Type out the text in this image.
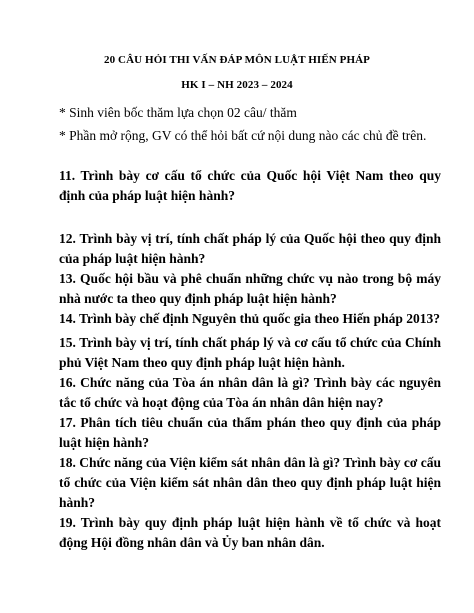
20 CÂU HỎI THI VẤN ĐÁP MÔN LUẬT HIẾN PHÁP
HK I – NH 2023 – 2024
* Sinh viên bốc thăm lựa chọn 02 câu/ thăm
* Phần mở rộng, GV có thể hỏi bất cứ nội dung nào các chủ đề trên.
11. Trình bày cơ cấu tổ chức của Quốc hội Việt Nam theo quy định của pháp luật hiện hành?
12. Trình bày vị trí, tính chất pháp lý của Quốc hội theo quy định của pháp luật hiện hành?
13. Quốc hội bầu và phê chuẩn những chức vụ nào trong bộ máy nhà nước ta theo quy định pháp luật hiện hành?
14. Trình bày chế định Nguyên thủ quốc gia theo Hiến pháp 2013?
15. Trình bày vị trí, tính chất pháp lý và cơ cấu tổ chức của Chính phủ Việt Nam theo quy định pháp luật hiện hành.
16. Chức năng của Tòa án nhân dân là gì? Trình bày các nguyên tắc tổ chức và hoạt động của Tòa án nhân dân hiện nay?
17. Phân tích tiêu chuẩn của thẩm phán theo quy định của pháp luật hiện hành?
18. Chức năng của Viện kiểm sát nhân dân là gì? Trình bày cơ cấu tổ chức của Viện kiểm sát nhân dân theo quy định pháp luật hiện hành?
19. Trình bày quy định pháp luật hiện hành về tổ chức và hoạt động Hội đồng nhân dân và Ủy ban nhân dân.
